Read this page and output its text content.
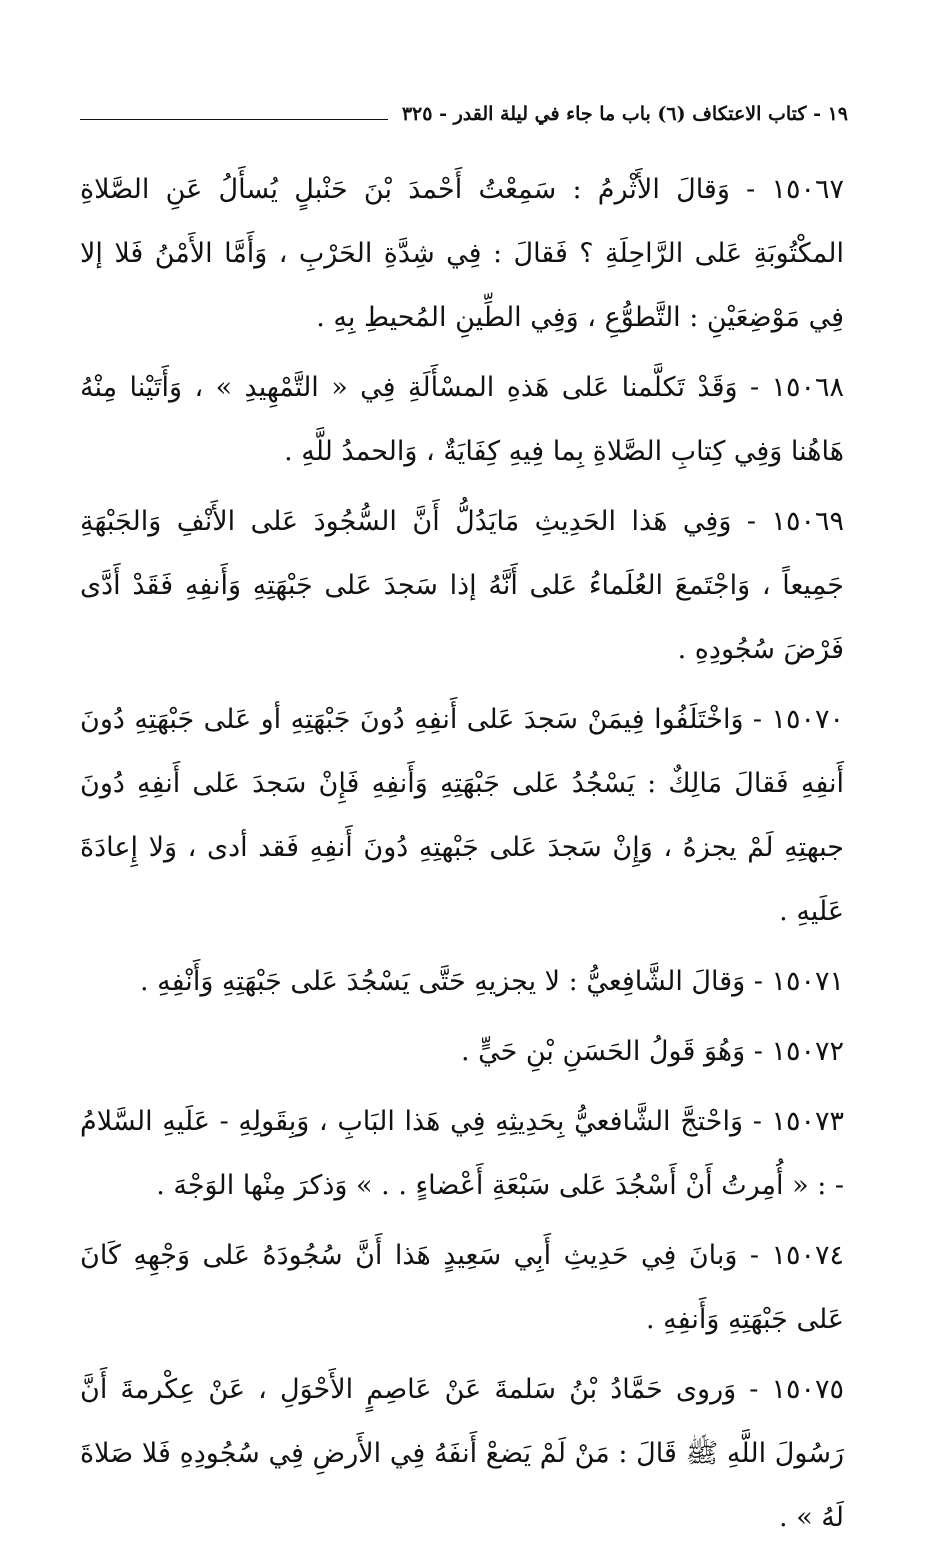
١٩ - كتاب الاعتكاف (٦) باب ما جاء في ليلة القدر - ٣٢٥

١٥٠٦٧ - وَقالَ الأَثْرمُ : سَمِعْتُ أَحْمدَ بْنَ حَنْبلٍ يُسأَلُ عَنِ الصَّلاةِ المكْتُوبَةِ عَلى الرَّاحِلَةِ ؟ فَقالَ : فِي شِدَّةِ الحَرْبِ ، وَأَمَّا الأَمْنُ فَلا إلا فِي مَوْضِعَيْنِ : التَّطوُّعِ ، وَفِي الطِّينِ المُحيطِ بِهِ .

١٥٠٦٨ - وَقَدْ تَكلَّمنا عَلى هَذهِ المسْأَلَةِ فِي « التَّمْهِيدِ » ، وَأَتَيْنا مِنْهُ هَاهُنا وَفِي كِتابِ الصَّلاةِ بِما فِيهِ كِفَايَةٌ ، وَالحمدُ للَّهِ .

١٥٠٦٩ - وَفِي هَذا الحَدِيثِ مَايَدُلُّ أَنَّ السُّجُودَ عَلى الأَنْفِ وَالجَبْهَةِ جَمِيعاً ، وَاجْتَمعَ العُلَماءُ عَلى أَنَّهُ إذا سَجدَ عَلى جَبْهَتِهِ وَأَنفِهِ فَقَدْ أَدَّى فَرْضَ سُجُودِهِ .

١٥٠٧٠ - وَاخْتَلَفُوا فِيمَنْ سَجدَ عَلى أَنفِهِ دُونَ جَبْهَتِهِ أو عَلى جَبْهَتِهِ دُونَ أَنفِهِ فَقالَ مَالِكٌ : يَسْجُدُ عَلى جَبْهَتِهِ وَأَنفِهِ فَإِنْ سَجدَ عَلى أَنفِهِ دُونَ جبهتِهِ لَمْ يجزهُ ، وَإِنْ سَجدَ عَلى جَبْهتِهِ دُونَ أَنفِهِ فَقد أدى ، وَلا إِعادَةَ عَلَيهِ .

١٥٠٧١ - وَقالَ الشَّافِعيُّ : لا يجزيهِ حَتَّى يَسْجُدَ عَلى جَبْهَتِهِ وَأَنْفِهِ .

١٥٠٧٢ - وَهُوَ قَولُ الحَسَنِ بْنِ حَيٍّ .

١٥٠٧٣ - وَاحْتجَّ الشَّافعيُّ بِحَدِيثِهِ فِي هَذا البَابِ ، وَبِقَولِهِ - عَلَيهِ السَّلامُ - : « أُمِرتُ أَنْ أَسْجُدَ عَلى سَبْعَةِ أَعْضاءٍ . . » وَذكرَ مِنْها الوَجْهَ .

١٥٠٧٤ - وَبانَ فِي حَدِيثِ أَبِي سَعِيدٍ هَذا أَنَّ سُجُودَهُ عَلى وَجْهِهِ كَانَ عَلى جَبْهَتِهِ وَأَنفِهِ .

١٥٠٧٥ - وَروى حَمَّادُ بْنُ سَلمةَ عَنْ عَاصِمٍ الأَحْوَلِ ، عَنْ عِكْرمةَ أَنَّ رَسُولَ اللَّهِ ﷺ قَالَ : مَنْ لَمْ يَضعْ أَنفَهُ فِي الأَرضِ فِي سُجُودِهِ فَلا صَلاةَ لَهُ » .
